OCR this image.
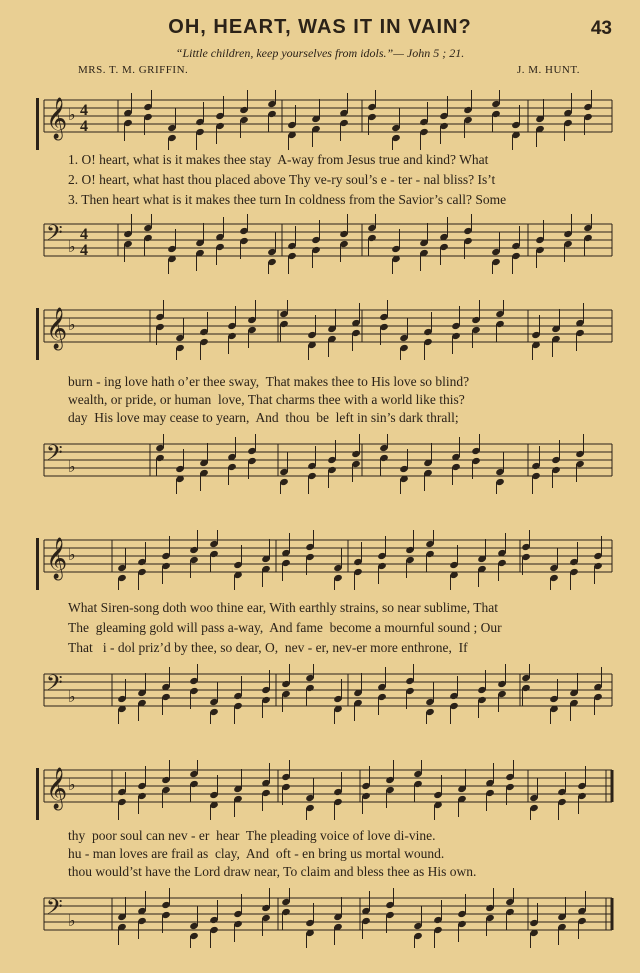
OH, HEART, WAS IT IN VAIN?	43
“Little children, keep yourselves from idols.”— John 5 ; 21.
MRS. T. M. GRIFFIN.	J. M. HUNT.
𝄞 ♭ 4
4
1. O! heart, what is it makes thee stay  A-way from Jesus true and kind? What
2. O! heart, what hast thou placed above Thy ve-ry soul’s e - ter - nal bliss? Is’t
3. Then heart what is it makes thee turn In coldness from the Savior’s call? Some
𝄢 ♭
4
4
𝄞 ♭
burn - ing love hath o’er thee sway,  That makes thee to His love so blind?
wealth, or pride, or human  love, That charms thee with a world like this?
day  His love may cease to yearn,  And  thou  be  left in sin’s dark thrall;
𝄢 ♭
𝄞 ♭
What Siren-song doth woo thine ear, With earthly strains, so near sublime, That
The  gleaming gold will pass a-way,  And fame  become a mournful sound ; Our
That   i - dol priz’d by thee, so dear, O,  nev - er, nev-er more enthrone,  If
𝄢 ♭
𝄞 ♭
thy  poor soul can nev - er  hear  The pleading voice of love di-vine.
hu - man loves are frail as  clay,  And  oft - en bring us mortal wound.
thou would’st have the Lord draw near, To claim and bless thee as His own.
𝄢 ♭
